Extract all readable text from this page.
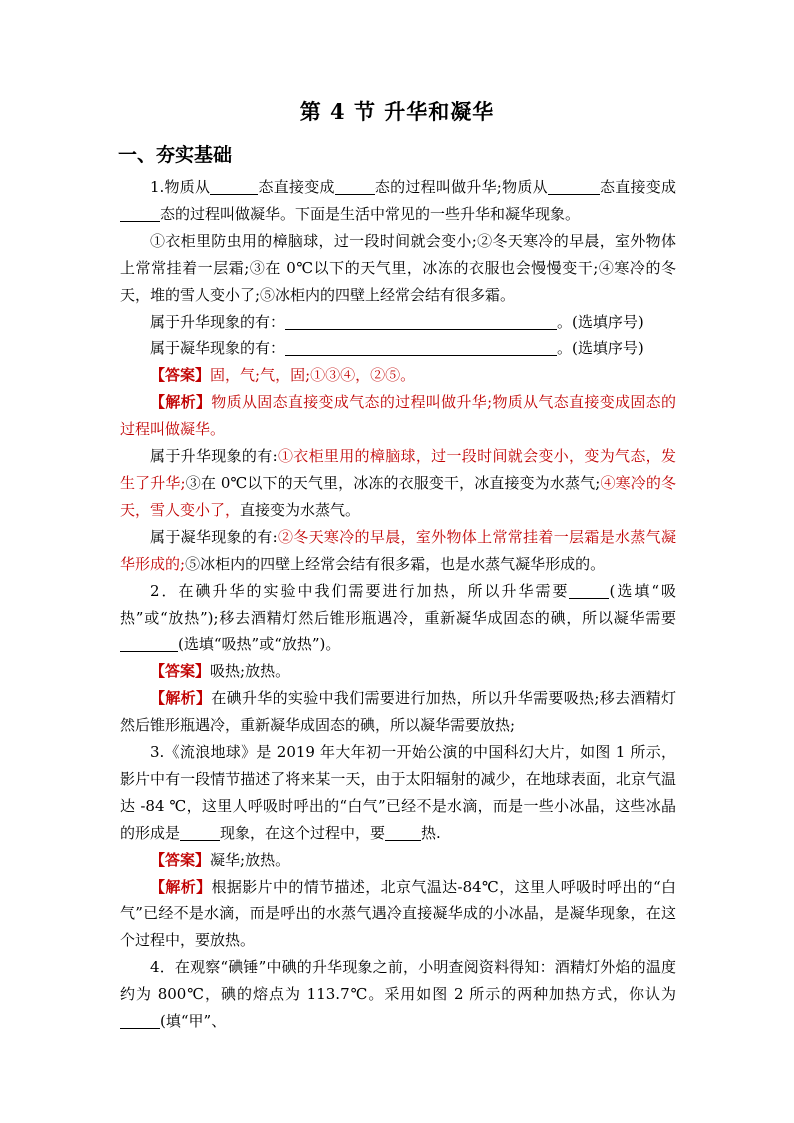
第 4 节 升华和凝华
一、夯实基础

1.物质从	态直接变成	态的过程叫做升华;物质从	态直接变成态的过程叫做凝华。下面是生活中常见的一些升华和凝华现象。

①衣柜里防虫用的樟脑球，过一段时间就会变小;②冬天寒冷的早晨，室外物体上常常挂着一层霜;③在 0℃以下的天气里，冰冻的衣服也会慢慢变干;④寒冷的冬天，堆的雪人变小了;⑤冰柜内的四壁上经常会结有很多霜。

属于升华现象的有：	。(选填序号)

属于凝华现象的有：	。(选填序号)

【答案】固，气;气，固;①③④，②⑤。

【解析】物质从固态直接变成气态的过程叫做升华;物质从气态直接变成固态的过程叫做凝华。

属于升华现象的有:①衣柜里用的樟脑球，过一段时间就会变小，变为气态，发生了升华;③在 0℃以下的天气里，冰冻的衣服变干，冰直接变为水蒸气;④寒冷的冬天，雪人变小了，直接变为水蒸气。

属于凝华现象的有:②冬天寒冷的早晨，室外物体上常常挂着一层霜是水蒸气凝华形成的;⑤冰柜内的四壁上经常会结有很多霜，也是水蒸气凝华形成的。

2．在碘升华的实验中我们需要进行加热，所以升华需要	(选填“吸热”或“放热”);移去酒精灯然后锥形瓶遇冷，重新凝华成固态的碘，所以凝华需要(选填“吸热”或“放热”)。

【答案】吸热;放热。

【解析】在碘升华的实验中我们需要进行加热，所以升华需要吸热;移去酒精灯然后锥形瓶遇冷，重新凝华成固态的碘，所以凝华需要放热;

3.《流浪地球》是 2019 年大年初一开始公演的中国科幻大片，如图 1 所示，影片中有一段情节描述了将来某一天，由于太阳辐射的减少，在地球表面，北京气温达 -84 ℃，这里人呼吸时呼出的“白气”已经不是水滴，而是一些小冰晶，这些冰晶的形成是	现象，在这个过程中，要 热.

【答案】凝华;放热。

【解析】根据影片中的情节描述，北京气温达-84℃，这里人呼吸时呼出的“白气”已经不是水滴，而是呼出的水蒸气遇冷直接凝华成的小冰晶，是凝华现象，在这个过程中，要放热。

4．在观察“碘锤”中碘的升华现象之前，小明查阅资料得知：酒精灯外焰的温度约为 800℃，碘的熔点为 113.7℃。采用如图 2 所示的两种加热方式，你认为(填“甲”、
